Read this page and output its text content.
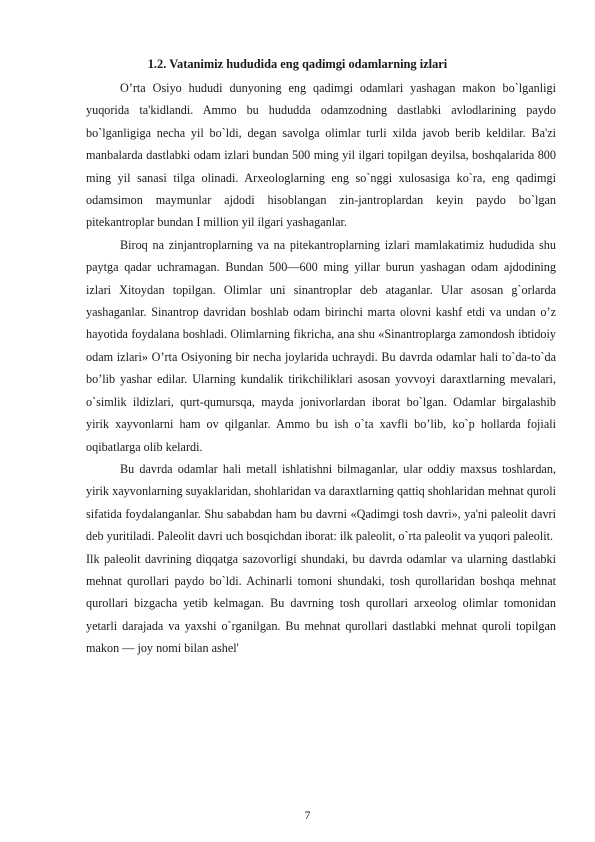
1.2. Vatanimiz hududida eng qadimgi odamlarning izlari

O’rta Osiyo hududi dunyoning eng qadimgi odamlari yashagan makon bo`lganligi yuqorida ta'kidlandi. Ammo bu hududda odamzodning dastlabki avlodlarining paydo bo`lganligiga necha yil bo`ldi, degan savolga olimlar turli xilda javob berib keldilar. Ba'zi manbalarda dastlabki odam izlari bundan 500 ming yil ilgari topilgan deyilsa, boshqalarida 800 ming yil sanasi tilga olinadi. Arxeologlarning eng so`nggi xulosasiga ko`ra, eng qadimgi odamsimon maymunlar ajdodi hisoblangan zin-jantroplardan keyin paydo bo`lgan pitekantroplar bundan I million yil ilgari yashaganlar.

Biroq na zinjantroplarning va na pitekantroplarning izlari mamlakatimiz hududida shu paytga qadar uchramagan. Bundan 500—600 ming yillar burun yashagan odam ajdodining izlari Xitoydan topilgan. Olimlar uni sinantroplar deb ataganlar. Ular asosan g`orlarda yashaganlar. Sinantrop davridan boshlab odam birinchi marta olovni kashf etdi va undan o’z hayotida foydalana boshladi. Olimlarning fikricha, ana shu «Sinantroplarga zamondosh ibtidoiy odam izlari» O’rta Osiyoning bir necha joylarida uchraydi. Bu davrda odamlar hali to`da-to`da bo’lib yashar edilar. Ularning kundalik tirikchiliklari asosan yovvoyi daraxtlarning mevalari, o`simlik ildizlari, qurt-qumursqa, mayda jonivorlardan iborat bo`lgan. Odamlar birgalashib yirik xayvonlarni ham ov qilganlar. Ammo bu ish o`ta xavfli bo’lib, ko`p hollarda fojiali oqibatlarga olib kelardi.

Bu davrda odamlar hali metall ishlatishni bilmaganlar, ular oddiy maxsus toshlardan, yirik xayvonlarning suyaklaridan, shohlaridan va daraxtlarning qattiq shohlaridan mehnat quroli sifatida foydalanganlar. Shu sababdan ham bu davrni «Qadimgi tosh davri», ya'ni paleolit davri deb yuritiladi. Paleolit davri uch bosqichdan iborat: ilk paleolit, o`rta paleolit va yuqori paleolit.

Ilk paleolit davrining diqqatga sazovorligi shundaki, bu davrda odamlar va ularning dastlabki mehnat qurollari paydo bo`ldi. Achinarli tomoni shundaki, tosh qurollaridan boshqa mehnat qurollari bizgacha yetib kelmagan. Bu davrning tosh qurollari arxeolog olimlar tomonidan yetarli darajada va yaxshi o`rganilgan. Bu mehnat qurollari dastlabki mehnat quroli topilgan makon — joy nomi bilan ashel'

7
